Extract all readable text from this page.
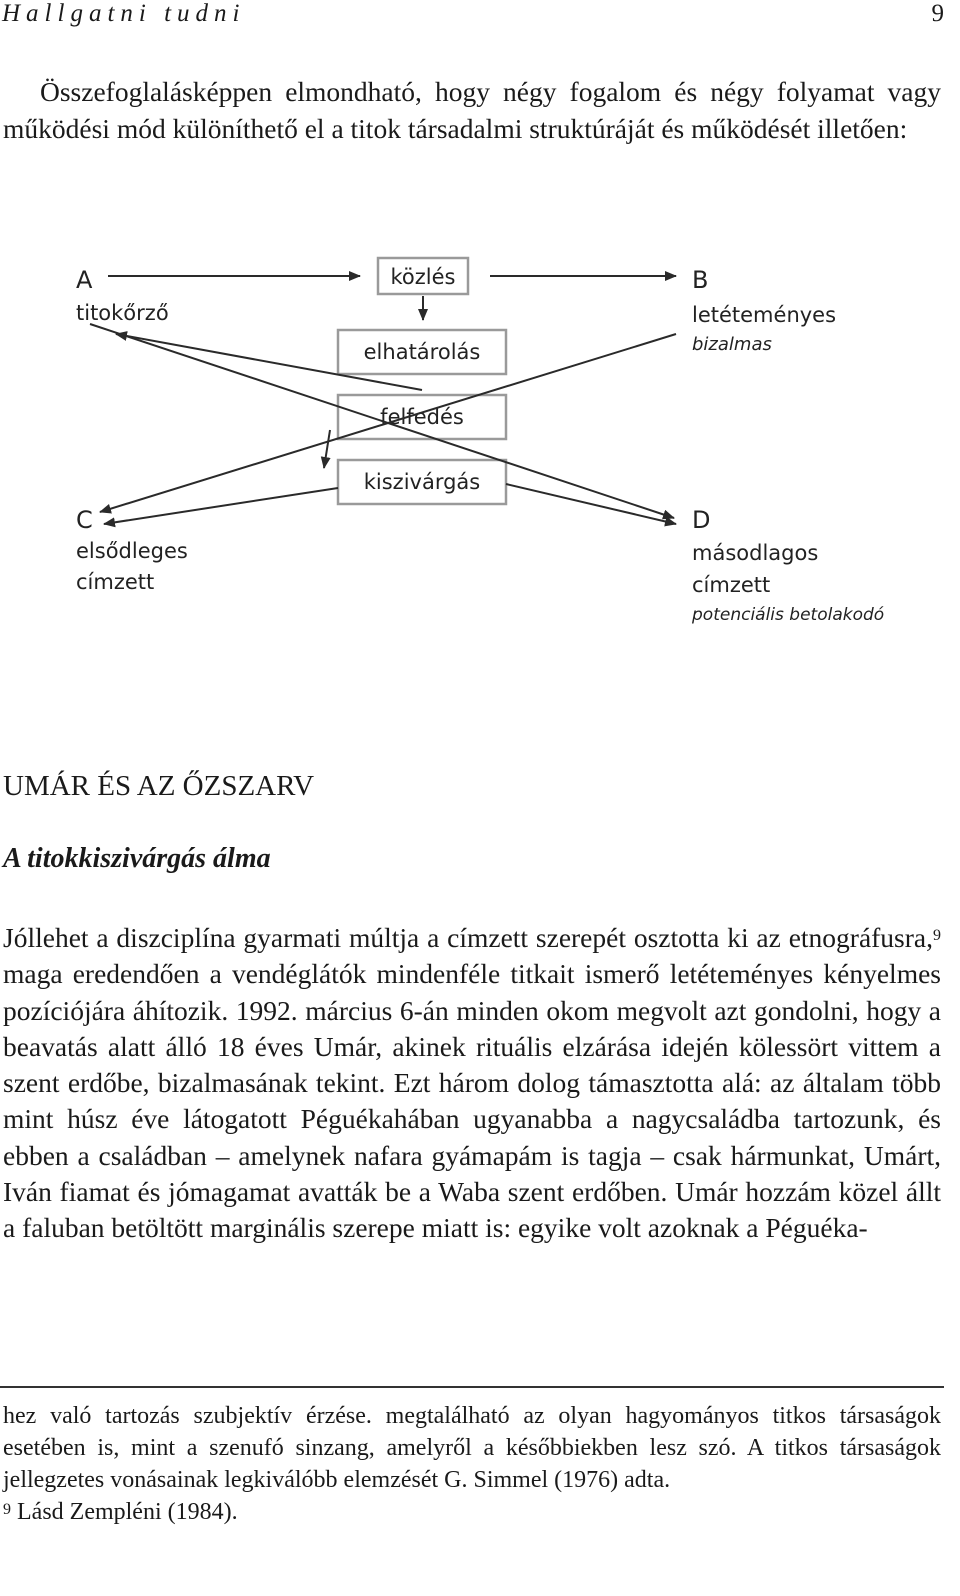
Hallgatni tudni	9

Összefoglalásképpen elmondható, hogy négy fogalom és négy folyamat vagy működési mód különíthető el a titok társadalmi struktúráját és működését illetően:

A
titokőrző
B
letéteményes
bizalmas
C
elsődleges
címzett
D
másodlagos
címzett
potenciális betolakodó
közlés
elhatárolás
felfedés
kiszivárgás
UMÁR ÉS AZ ŐZSZARV
A titokkiszivárgás álma

Jóllehet a diszciplína gyarmati múltja a címzett szerepét osztotta ki az etnográfusra,$^9$ maga eredendően a vendéglátók mindenféle titkait ismerő letéteményes kényelmes pozíciójára áhítozik. 1992. március 6-án minden okom megvolt azt gondolni, hogy a beavatás alatt álló 18 éves Umár, akinek rituális elzárása idején kölessört vittem a szent erdőbe, bizalmasának tekint. Ezt három dolog támasztotta alá: az általam több mint húsz éve látogatott Péguékahában ugyanabba a nagycsaládba tartozunk, és ebben a családban – amelynek nafara gyámapám is tagja – csak hármunkat, Umárt, Iván fiamat és jómagamat avatták be a Waba szent erdőben. Umár hozzám közel állt a faluban betöltött marginális szerepe miatt is: egyike volt azoknak a Péguéka-

hez való tartozás szubjektív érzése. megtalálható az olyan hagyományos titkos társaságok esetében is, mint a szenufó sinzang, amelyről a későbbiekben lesz szó. A titkos társaságok jellegzetes vonásainak legkiválóbb elemzését G. Simmel (1976) adta.

$^9$ Lásd Zempléni (1984).
